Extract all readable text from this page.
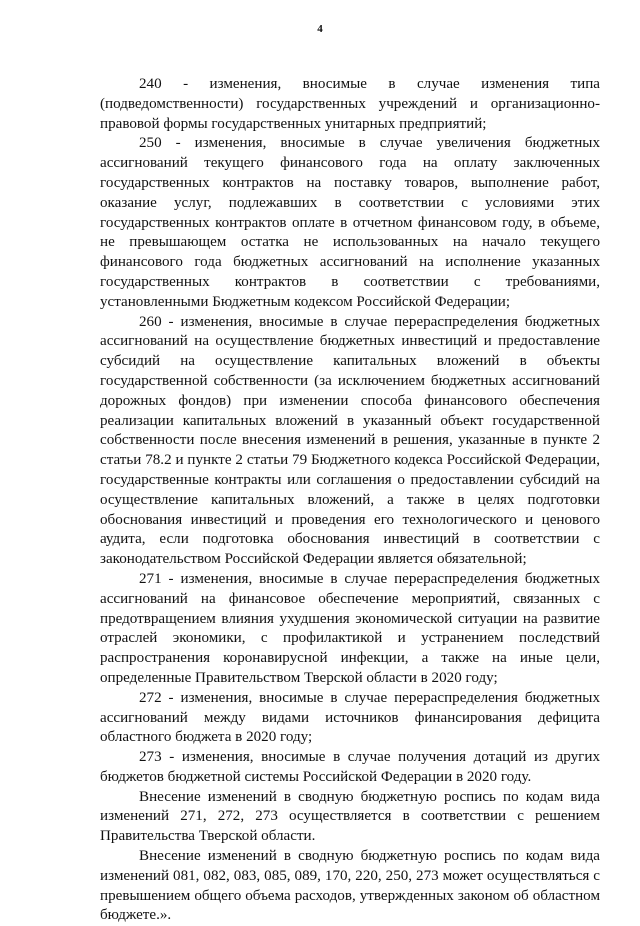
4

240 - изменения, вносимые в случае изменения типа (подведомственности) государственных учреждений и организационно-правовой формы государственных унитарных предприятий;

250 - изменения, вносимые в случае увеличения бюджетных ассигнований текущего финансового года на оплату заключенных государственных контрактов на поставку товаров, выполнение работ, оказание услуг, подлежавших в соответствии с условиями этих государственных контрактов оплате в отчетном финансовом году, в объеме, не превышающем остатка не использованных на начало текущего финансового года бюджетных ассигнований на исполнение указанных государственных контрактов в соответствии с требованиями, установленными Бюджетным кодексом Российской Федерации;

260 - изменения, вносимые в случае перераспределения бюджетных ассигнований на осуществление бюджетных инвестиций и предоставление субсидий на осуществление капитальных вложений в объекты государственной собственности (за исключением бюджетных ассигнований дорожных фондов) при изменении способа финансового обеспечения реализации капитальных вложений в указанный объект государственной собственности после внесения изменений в решения, указанные в пункте 2 статьи 78.2 и пункте 2 статьи 79 Бюджетного кодекса Российской Федерации, государственные контракты или соглашения о предоставлении субсидий на осуществление капитальных вложений, а также в целях подготовки обоснования инвестиций и проведения его технологического и ценового аудита, если подготовка обоснования инвестиций в соответствии с законодательством Российской Федерации является обязательной;

271 - изменения, вносимые в случае перераспределения бюджетных ассигнований на финансовое обеспечение мероприятий, связанных с предотвращением влияния ухудшения экономической ситуации на развитие отраслей экономики, с профилактикой и устранением последствий распространения коронавирусной инфекции, а также на иные цели, определенные Правительством Тверской области в 2020 году;

272 - изменения, вносимые в случае перераспределения бюджетных ассигнований между видами источников финансирования дефицита областного бюджета в 2020 году;

273 - изменения, вносимые в случае получения дотаций из других бюджетов бюджетной системы Российской Федерации в 2020 году.

Внесение изменений в сводную бюджетную роспись по кодам вида изменений 271, 272, 273 осуществляется в соответствии с решением Правительства Тверской области.

Внесение изменений в сводную бюджетную роспись по кодам вида изменений 081, 082, 083, 085, 089, 170, 220, 250, 273 может осуществляться с превышением общего объема расходов, утвержденных законом об областном бюджете.».
